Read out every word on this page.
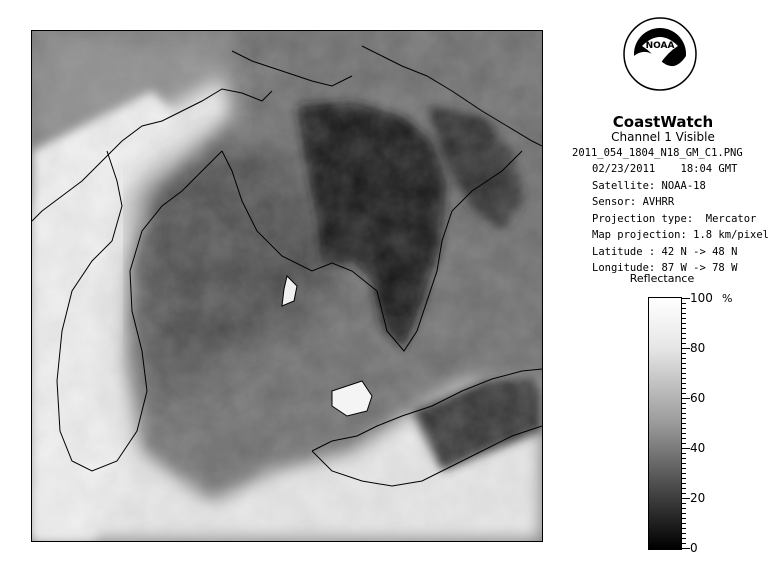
NOAA
CoastWatch
Channel 1 Visible
2011_054_1804_N18_GM_C1.PNG
02/23/2011    18:04 GMT
Satellite: NOAA-18
Sensor: AVHRR
Projection type:  Mercator
Map projection: 1.8 km/pixel
Latitude : 42 N -> 48 N
Longitude: 87 W -> 78 W
Reflectance
%
100
80
60
40
20
0
